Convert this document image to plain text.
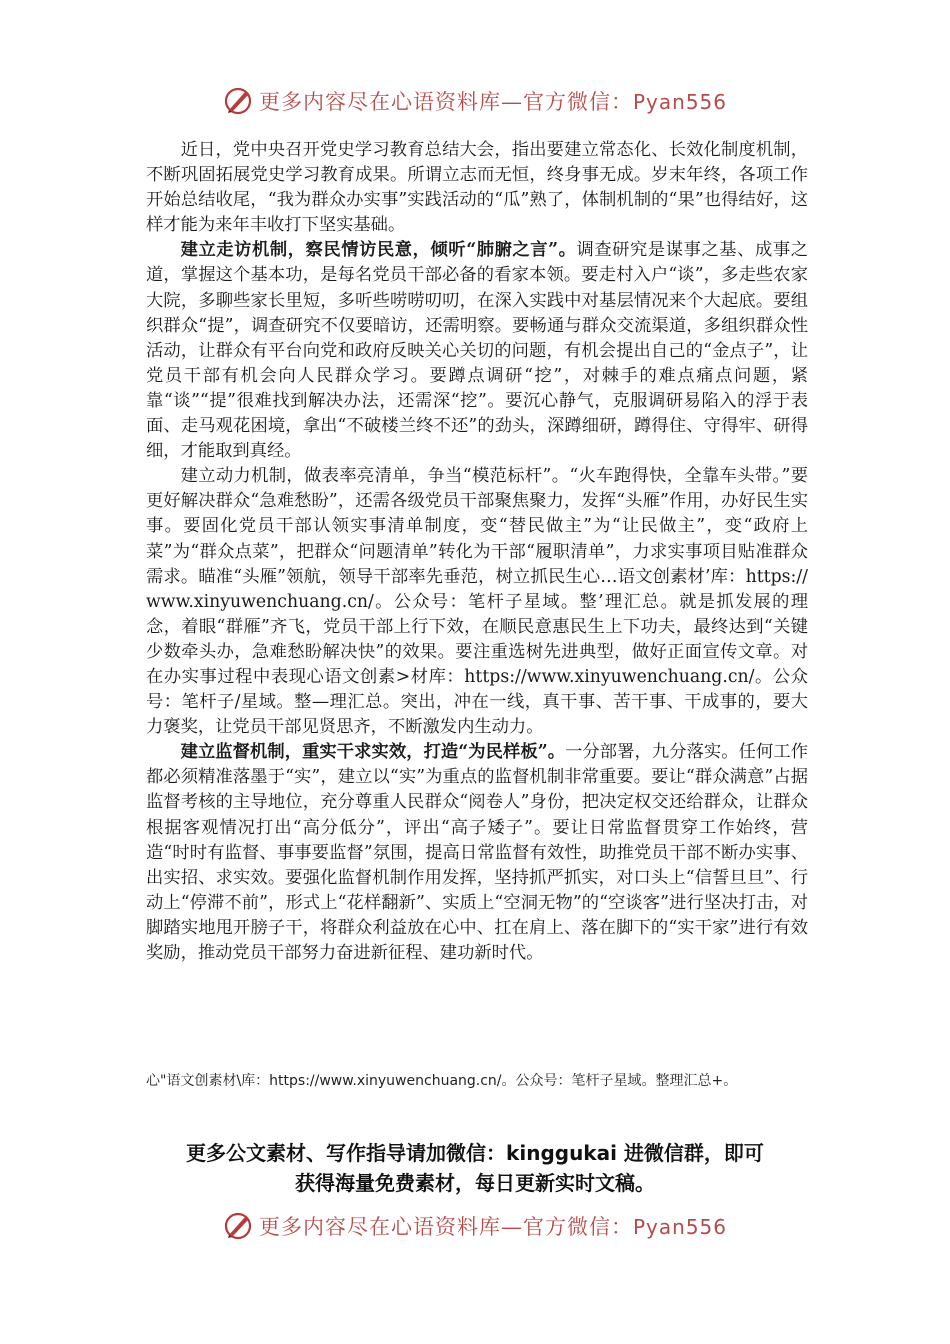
更多内容尽在心语资料库—官方微信：Pyan556

近日，党中央召开党史学习教育总结大会，指出要建立常态化、长效化制度机制，不断巩固拓展党史学习教育成果。所谓立志而无恒，终身事无成。岁末年终，各项工作开始总结收尾，“我为群众办实事”实践活动的“瓜”熟了，体制机制的“果”也得结好，这样才能为来年丰收打下坚实基础。

建立走访机制，察民情访民意，倾听“肺腑之言”。调查研究是谋事之基、成事之道，掌握这个基本功，是每名党员干部必备的看家本领。要走村入户“谈”，多走些农家大院，多聊些家长里短，多听些唠唠叨叨，在深入实践中对基层情况来个大起底。要组织群众“提”，调查研究不仅要暗访，还需明察。要畅通与群众交流渠道，多组织群众性活动，让群众有平台向党和政府反映关心关切的问题，有机会提出自己的“金点子”，让党员干部有机会向人民群众学习。要蹲点调研“挖”，对棘手的难点痛点问题，紧靠“谈”“提”很难找到解决办法，还需深“挖”。要沉心静气，克服调研易陷入的浮于表面、走马观花困境，拿出“不破楼兰终不还”的劲头，深蹲细研，蹲得住、守得牢、研得细，才能取到真经。

建立动力机制，做表率亮清单，争当“模范标杆”。“火车跑得快，全靠车头带。”要更好解决群众“急难愁盼”，还需各级党员干部聚焦聚力，发挥“头雁”作用，办好民生实事。要固化党员干部认领实事清单制度，变“替民做主”为“让民做主”，变“政府上菜”为“群众点菜”，把群众“问题清单”转化为干部“履职清单”，力求实事项目贴准群众需求。瞄准“头雁”领航，领导干部率先垂范，树立抓民生心…语文创素材’库：https://www.xinyuwenchuang.cn/。公众号：笔杆子星域。整’理汇总。就是抓发展的理念，着眼“群雁”齐飞，党员干部上行下效，在顺民意惠民生上下功夫，最终达到“关键少数牵头办，急难愁盼解决快”的效果。要注重选树先进典型，做好正面宣传文章。对在办实事过程中表现心语文创素>材库：https://www.xinyuwenchuang.cn/。公众号：笔杆子/星域。整—理汇总。突出，冲在一线，真干事、苦干事、干成事的，要大力褒奖，让党员干部见贤思齐，不断激发内生动力。

建立监督机制，重实干求实效，打造“为民样板”。一分部署，九分落实。任何工作都必须精准落墨于“实”，建立以“实”为重点的监督机制非常重要。要让“群众满意”占据监督考核的主导地位，充分尊重人民群众“阅卷人”身份，把决定权交还给群众，让群众根据客观情况打出“高分低分”，评出“高子矮子”。要让日常监督贯穿工作始终，营造“时时有监督、事事要监督”氛围，提高日常监督有效性，助推党员干部不断办实事、出实招、求实效。要强化监督机制作用发挥，坚持抓严抓实，对口头上“信誓旦旦”、行动上“停滞不前”，形式上“花样翻新”、实质上“空洞无物”的“空谈客”进行坚决打击，对脚踏实地甩开膀子干，将群众利益放在心中、扛在肩上、落在脚下的“实干家”进行有效奖励，推动党员干部努力奋进新征程、建功新时代。

心"语文创素材\库：https://www.xinyuwenchuang.cn/。公众号：笔杆子星域。整理汇总+。
更多公文素材、写作指导请加微信：kinggukai 进微信群，即可
获得海量免费素材，每日更新实时文稿。
更多内容尽在心语资料库—官方微信：Pyan556
